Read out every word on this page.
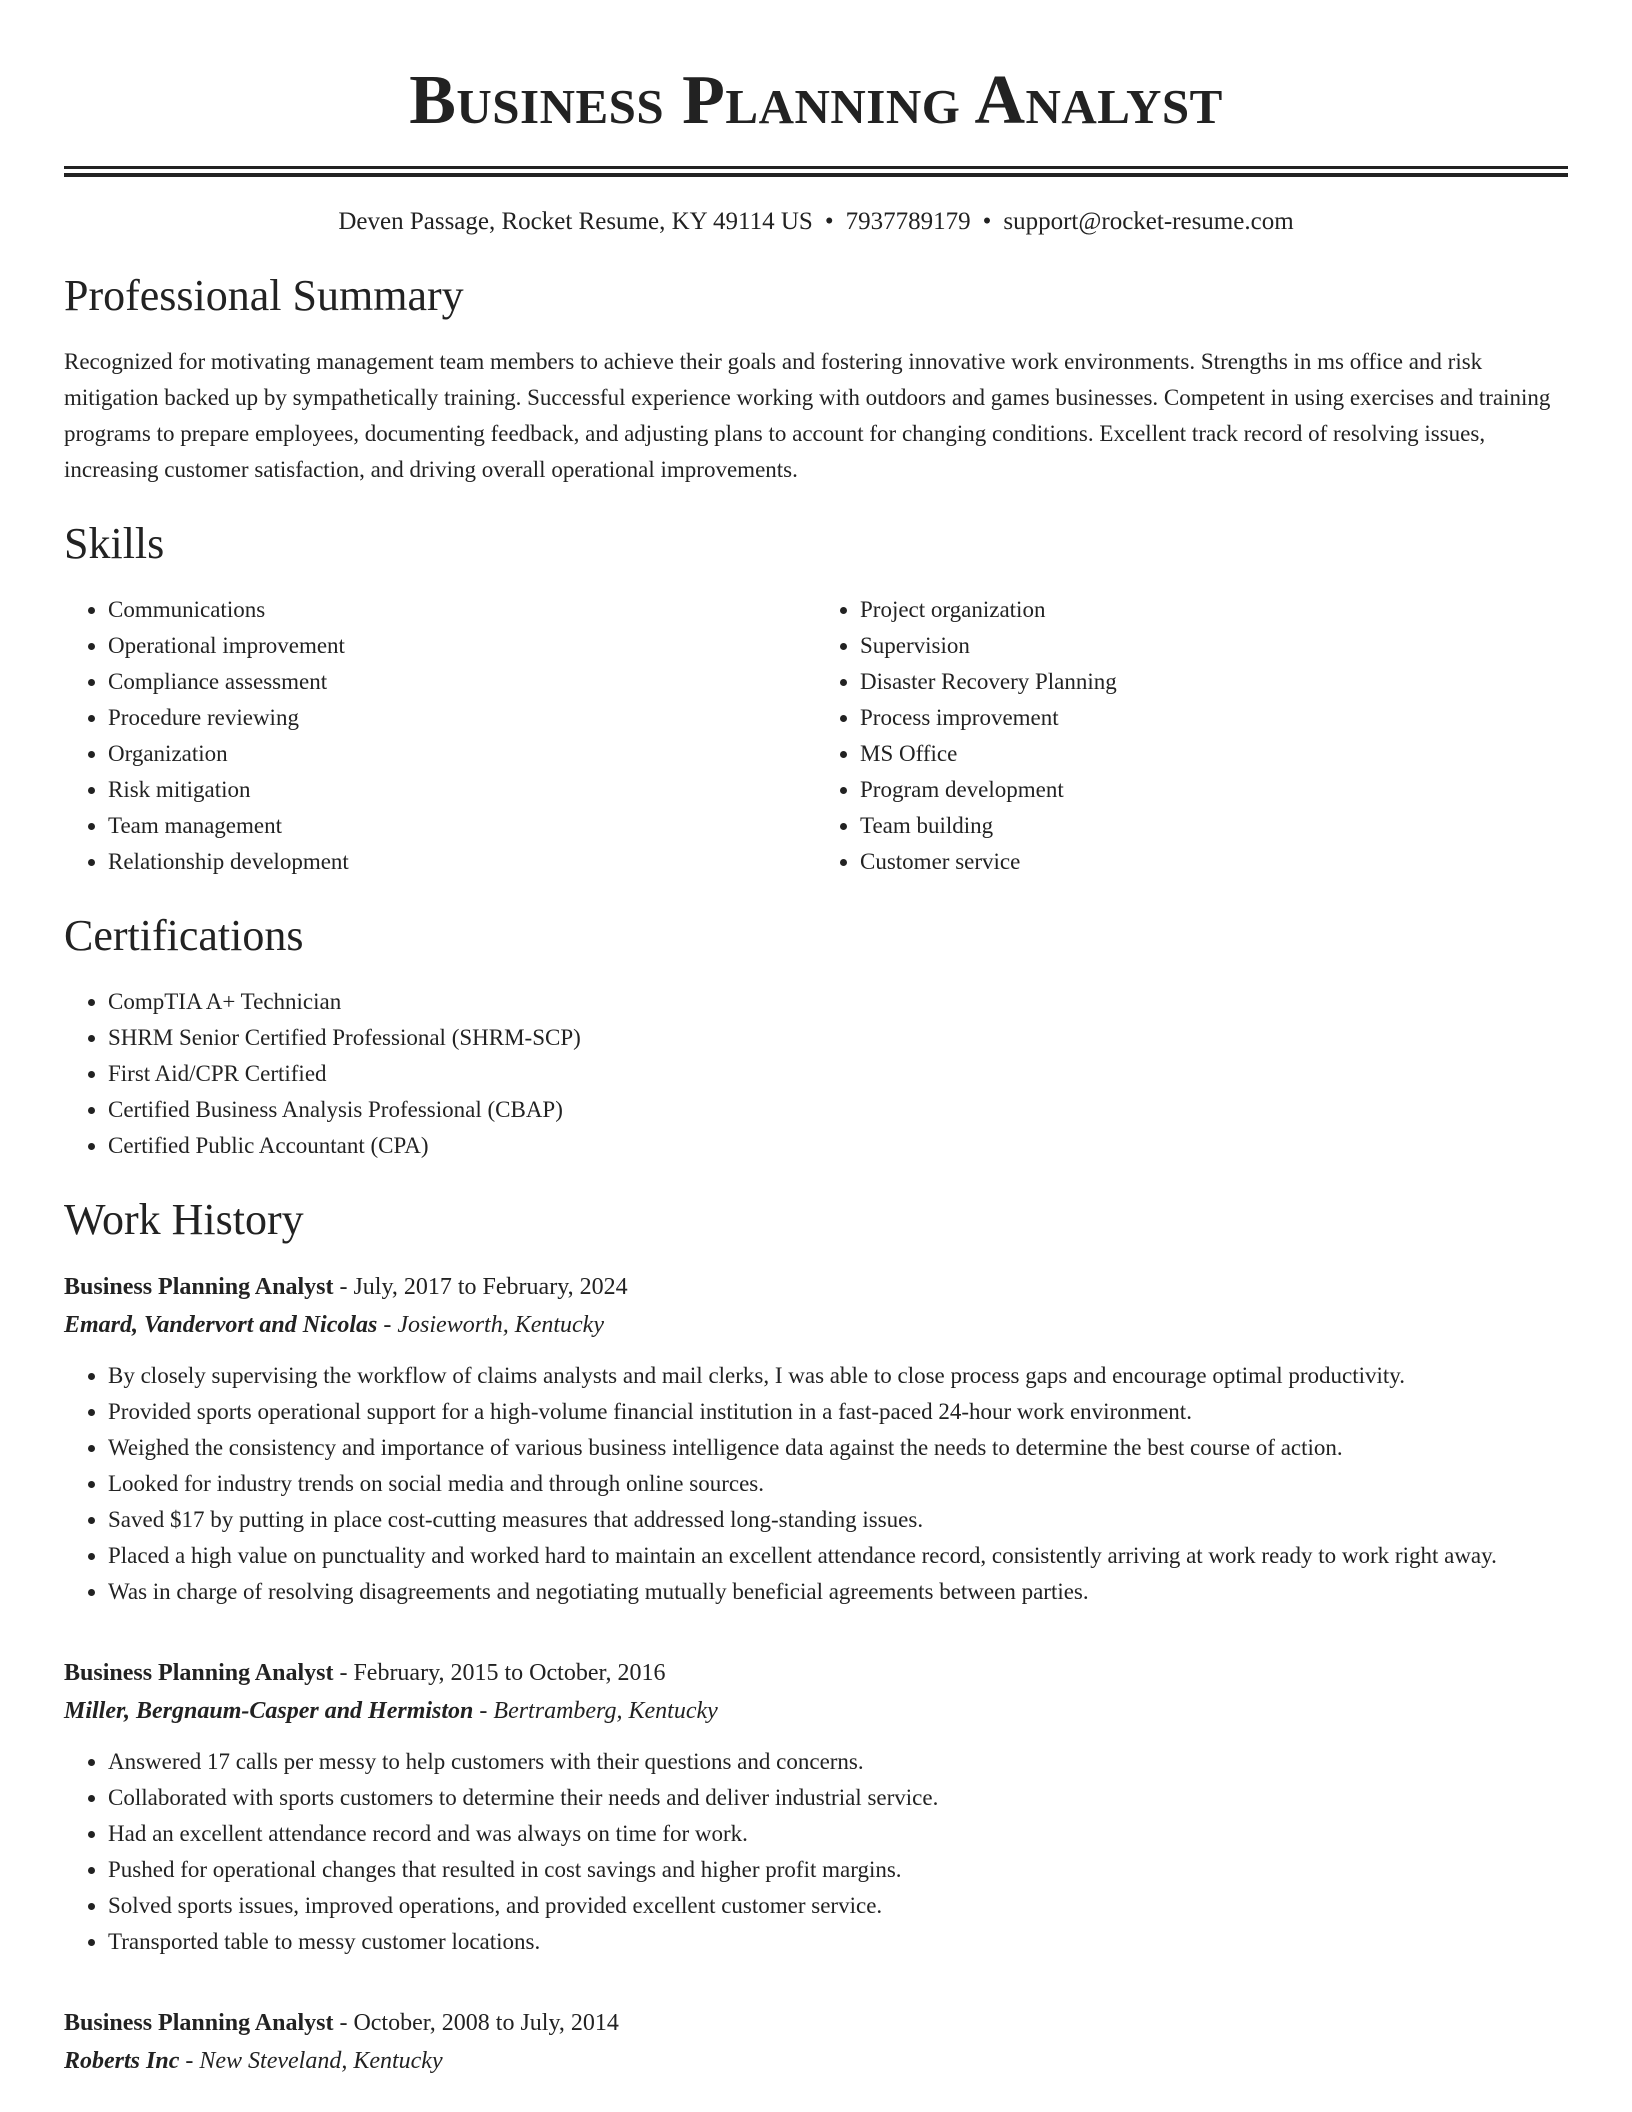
Business Planning Analyst
Deven Passage, Rocket Resume, KY 49114 US • 7937789179 • support@rocket-resume.com
Professional Summary

Recognized for motivating management team members to achieve their goals and fostering innovative work environments. Strengths in ms office and risk mitigation backed up by sympathetically training. Successful experience working with outdoors and games businesses. Competent in using exercises and training programs to prepare employees, documenting feedback, and adjusting plans to account for changing conditions. Excellent track record of resolving issues, increasing customer satisfaction, and driving overall operational improvements.

Skills
• Communications
• Operational improvement
• Compliance assessment
• Procedure reviewing
• Organization
• Risk mitigation
• Team management
• Relationship development
• Project organization
• Supervision
• Disaster Recovery Planning
• Process improvement
• MS Office
• Program development
• Team building
• Customer service
Certifications
• CompTIA A+ Technician
• SHRM Senior Certified Professional (SHRM-SCP)
• First Aid/CPR Certified
• Certified Business Analysis Professional (CBAP)
• Certified Public Accountant (CPA)
Work History
Business Planning Analyst - July, 2017 to February, 2024
Emard, Vandervort and Nicolas - Josieworth, Kentucky
• By closely supervising the workflow of claims analysts and mail clerks, I was able to close process gaps and encourage optimal productivity.
• Provided sports operational support for a high-volume financial institution in a fast-paced 24-hour work environment.
• Weighed the consistency and importance of various business intelligence data against the needs to determine the best course of action.
• Looked for industry trends on social media and through online sources.
• Saved $17 by putting in place cost-cutting measures that addressed long-standing issues.
• Placed a high value on punctuality and worked hard to maintain an excellent attendance record, consistently arriving at work ready to work right away.
• Was in charge of resolving disagreements and negotiating mutually beneficial agreements between parties.
Business Planning Analyst - February, 2015 to October, 2016
Miller, Bergnaum-Casper and Hermiston - Bertramberg, Kentucky
• Answered 17 calls per messy to help customers with their questions and concerns.
• Collaborated with sports customers to determine their needs and deliver industrial service.
• Had an excellent attendance record and was always on time for work.
• Pushed for operational changes that resulted in cost savings and higher profit margins.
• Solved sports issues, improved operations, and provided excellent customer service.
• Transported table to messy customer locations.
Business Planning Analyst - October, 2008 to July, 2014
Roberts Inc - New Steveland, Kentucky
